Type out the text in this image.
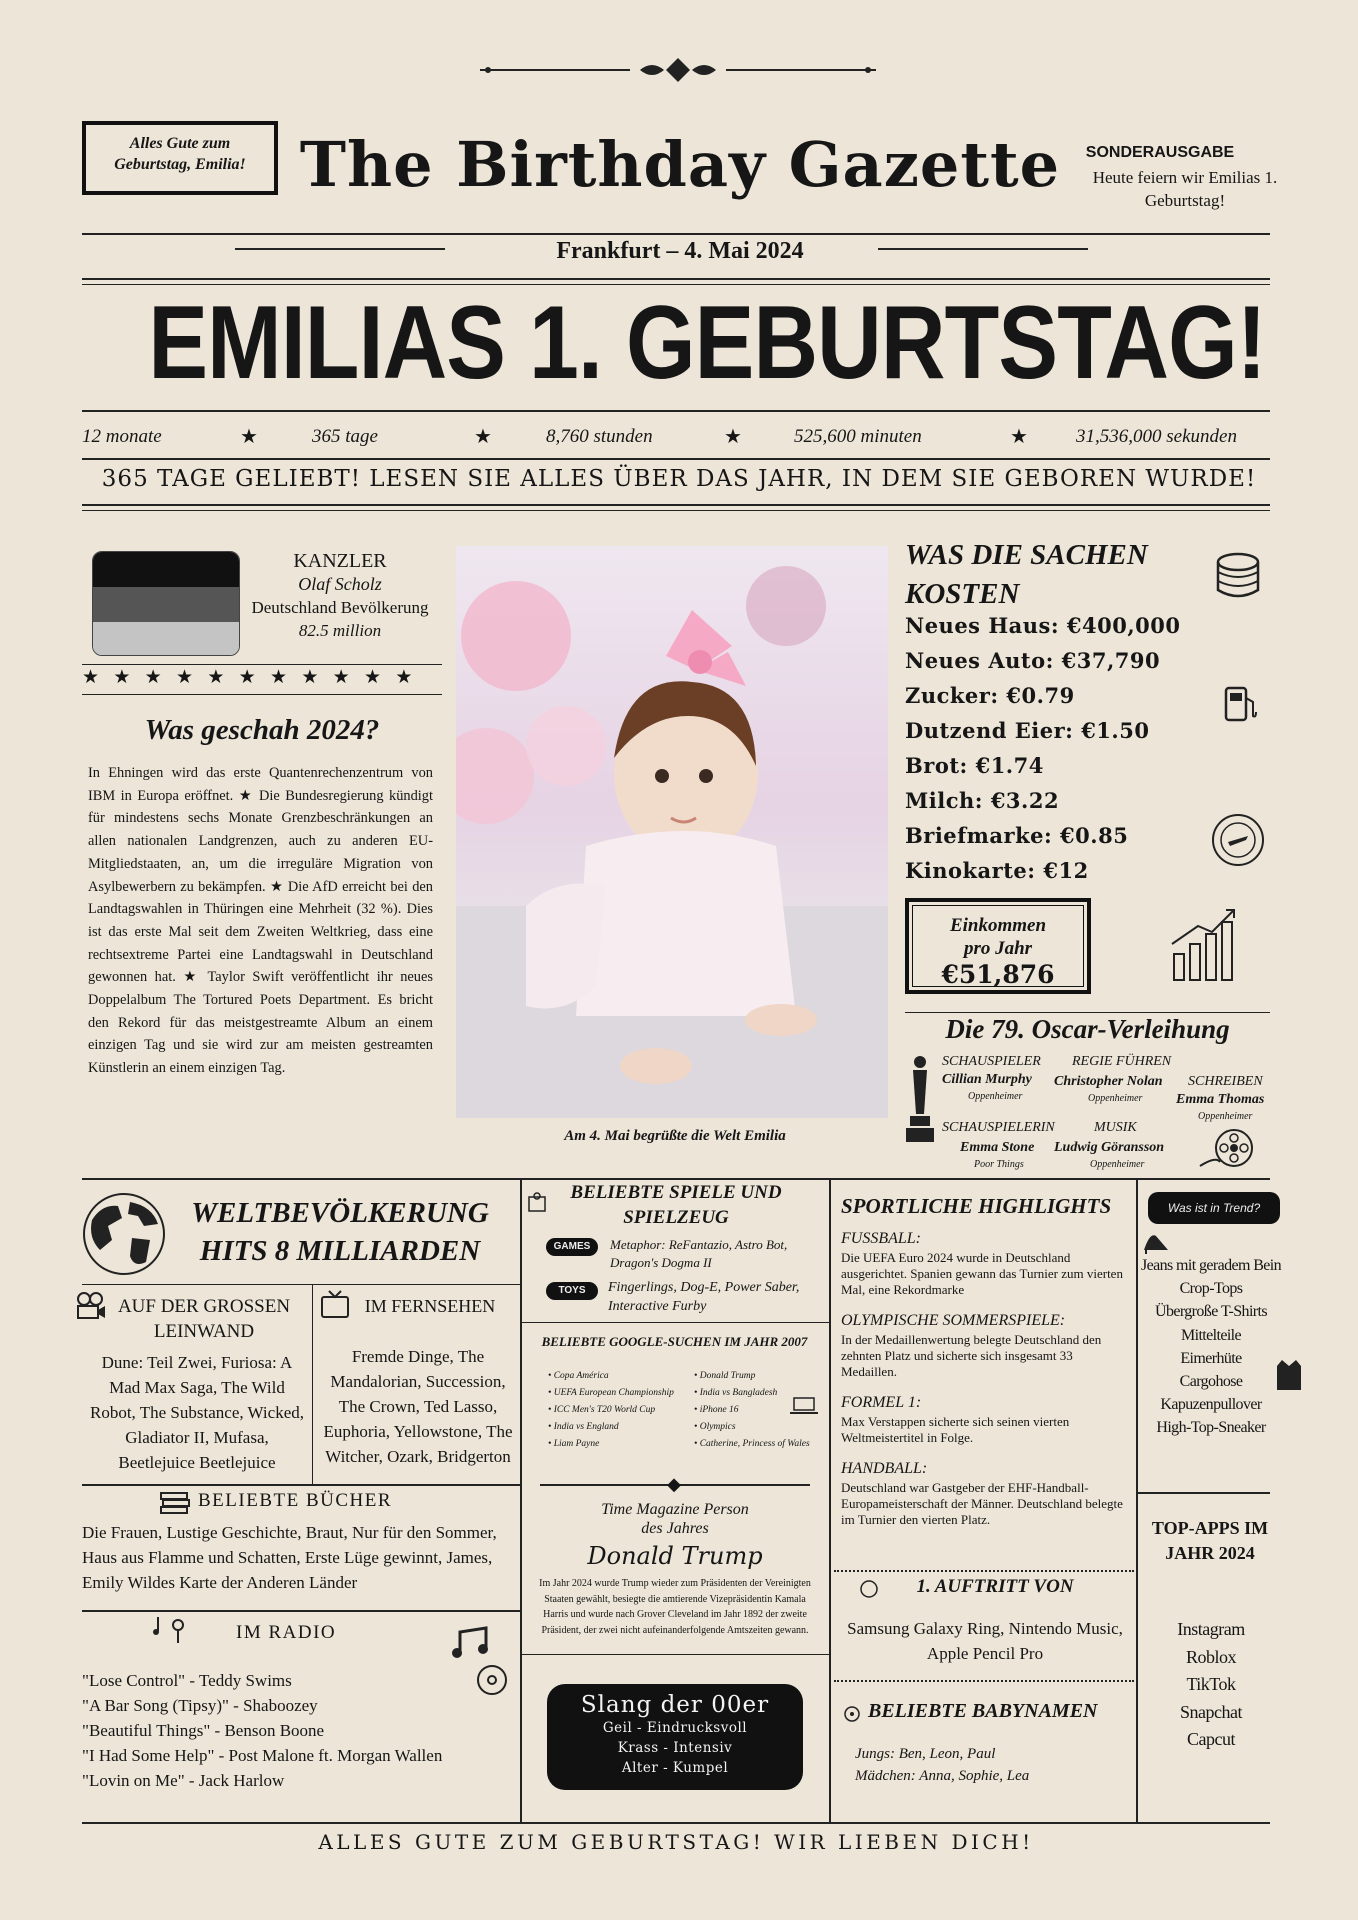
Alles Gute zum Geburtstag, Emilia! The Birthday Gazette	SONDERAUSGABE
Heute feiern wir Emilias 1. Geburtstag!
Frankfurt – 4. Mai 2024
EMILIAS 1. GEBURTSTAG!
12 monate	★	365 tage	★	8,760 stunden	★	525,600 minuten	★	31,536,000 sekunden
365 TAGE GELIEBT! LESEN SIE ALLES ÜBER DAS JAHR, IN DEM SIE GEBOREN WURDE!
KANZLER
Olaf Scholz
Deutschland Bevölkerung
82.5 million
★★★★★★★★★★★
Was geschah 2024?
In Ehningen wird das erste Quantenrechenzentrum von IBM in Europa eröffnet. ★ Die Bundesregierung kündigt für mindestens sechs Monate Grenzbeschränkungen an allen nationalen Landgrenzen, auch zu anderen EU-Mitgliedstaaten, an, um die irreguläre Migration von Asylbewerbern zu bekämpfen. ★ Die AfD erreicht bei den Landtagswahlen in Thüringen eine Mehrheit (32 %). Dies ist das erste Mal seit dem Zweiten Weltkrieg, dass eine rechtsextreme Partei eine Landtagswahl in Deutschland gewonnen hat. ★ Taylor Swift veröffentlicht ihr neues Doppelalbum The Tortured Poets Department. Es bricht den Rekord für das meistgestreamte Album an einem einzigen Tag und sie wird zur am meisten gestreamten Künstlerin an einem einzigen Tag.
Am 4. Mai begrüßte die Welt Emilia
WAS DIE SACHEN KOSTEN
Neues Haus: €400,000
Neues Auto: €37,790
Zucker: €0.79
Dutzend Eier: €1.50
Brot: €1.74
Milch: €3.22
Briefmarke: €0.85
Kinokarte: €12
Einkommen pro Jahr
€51,876
Die 79. Oscar-Verleihung
SCHAUSPIELER
Cillian Murphy
Oppenheimer
REGIE FÜHREN
Christopher Nolan
Oppenheimer
SCHREIBEN
Emma Thomas
Oppenheimer
SCHAUSPIELERIN
Emma Stone
Poor Things
MUSIK
Ludwig Göransson
Oppenheimer
WELTBEVÖLKERUNG
HITS 8 MILLIARDEN
AUF DER GROSSEN LEINWAND
Dune: Teil Zwei, Furiosa: A Mad Max Saga, The Wild Robot, The Substance, Wicked, Gladiator II, Mufasa, Beetlejuice Beetlejuice
IM FERNSEHEN
Fremde Dinge, The Mandalorian, Succession, The Crown, Ted Lasso, Euphoria, Yellowstone, The Witcher, Ozark, Bridgerton
BELIEBTE BÜCHER
Die Frauen, Lustige Geschichte, Braut, Nur für den Sommer, Haus aus Flamme und Schatten, Erste Lüge gewinnt, James, Emily Wildes Karte der Anderen Länder
IM RADIO
"Lose Control" - Teddy Swims
"A Bar Song (Tipsy)" - Shaboozey
"Beautiful Things" - Benson Boone
"I Had Some Help" - Post Malone ft. Morgan Wallen
"Lovin on Me" - Jack Harlow
BELIEBTE SPIELE UND SPIELZEUG
GAMES	Metaphor: ReFantazio, Astro Bot, Dragon's Dogma II
TOYS	Fingerlings, Dog-E, Power Saber, Interactive Furby
BELIEBTE GOOGLE-SUCHEN IM JAHR 2007
• Copa América
• UEFA European Championship
• ICC Men's T20 World Cup
• India vs England
• Liam Payne
• Donald Trump
• India vs Bangladesh
• iPhone 16
• Olympics
• Catherine, Princess of Wales
◆
Time Magazine Person des Jahres
Donald Trump
Im Jahr 2024 wurde Trump wieder zum Präsidenten der Vereinigten Staaten gewählt, besiegte die amtierende Vizepräsidentin Kamala Harris und wurde nach Grover Cleveland im Jahr 1892 der zweite Präsident, der zwei nicht aufeinanderfolgende Amtszeiten gewann.
Slang der 00er
Geil - Eindrucksvoll
Krass - Intensiv
Alter - Kumpel
SPORTLICHE HIGHLIGHTS
FUSSBALL:
Die UEFA Euro 2024 wurde in Deutschland ausgerichtet. Spanien gewann das Turnier zum vierten Mal, eine Rekordmarke
OLYMPISCHE SOMMERSPIELE:
In der Medaillenwertung belegte Deutschland den zehnten Platz und sicherte sich insgesamt 33 Medaillen.
FORMEL 1:
Max Verstappen sicherte sich seinen vierten Weltmeistertitel in Folge.
HANDBALL:
Deutschland war Gastgeber der EHF-Handball-Europameisterschaft der Männer. Deutschland belegte im Turnier den vierten Platz.
1. AUFTRITT VON
Samsung Galaxy Ring, Nintendo Music, Apple Pencil Pro
BELIEBTE BABYNAMEN
Jungs: Ben, Leon, Paul
Mädchen: Anna, Sophie, Lea
Was ist in Trend?
Jeans mit geradem Bein
Crop-Tops
Übergroße T-Shirts
Mittelteile
Eimerhüte
Cargohose
Kapuzenpullover
High-Top-Sneaker
TOP-APPS IM JAHR 2024
Instagram
Roblox
TikTok
Snapchat
Capcut
ALLES GUTE ZUM GEBURTSTAG! WIR LIEBEN DICH!
